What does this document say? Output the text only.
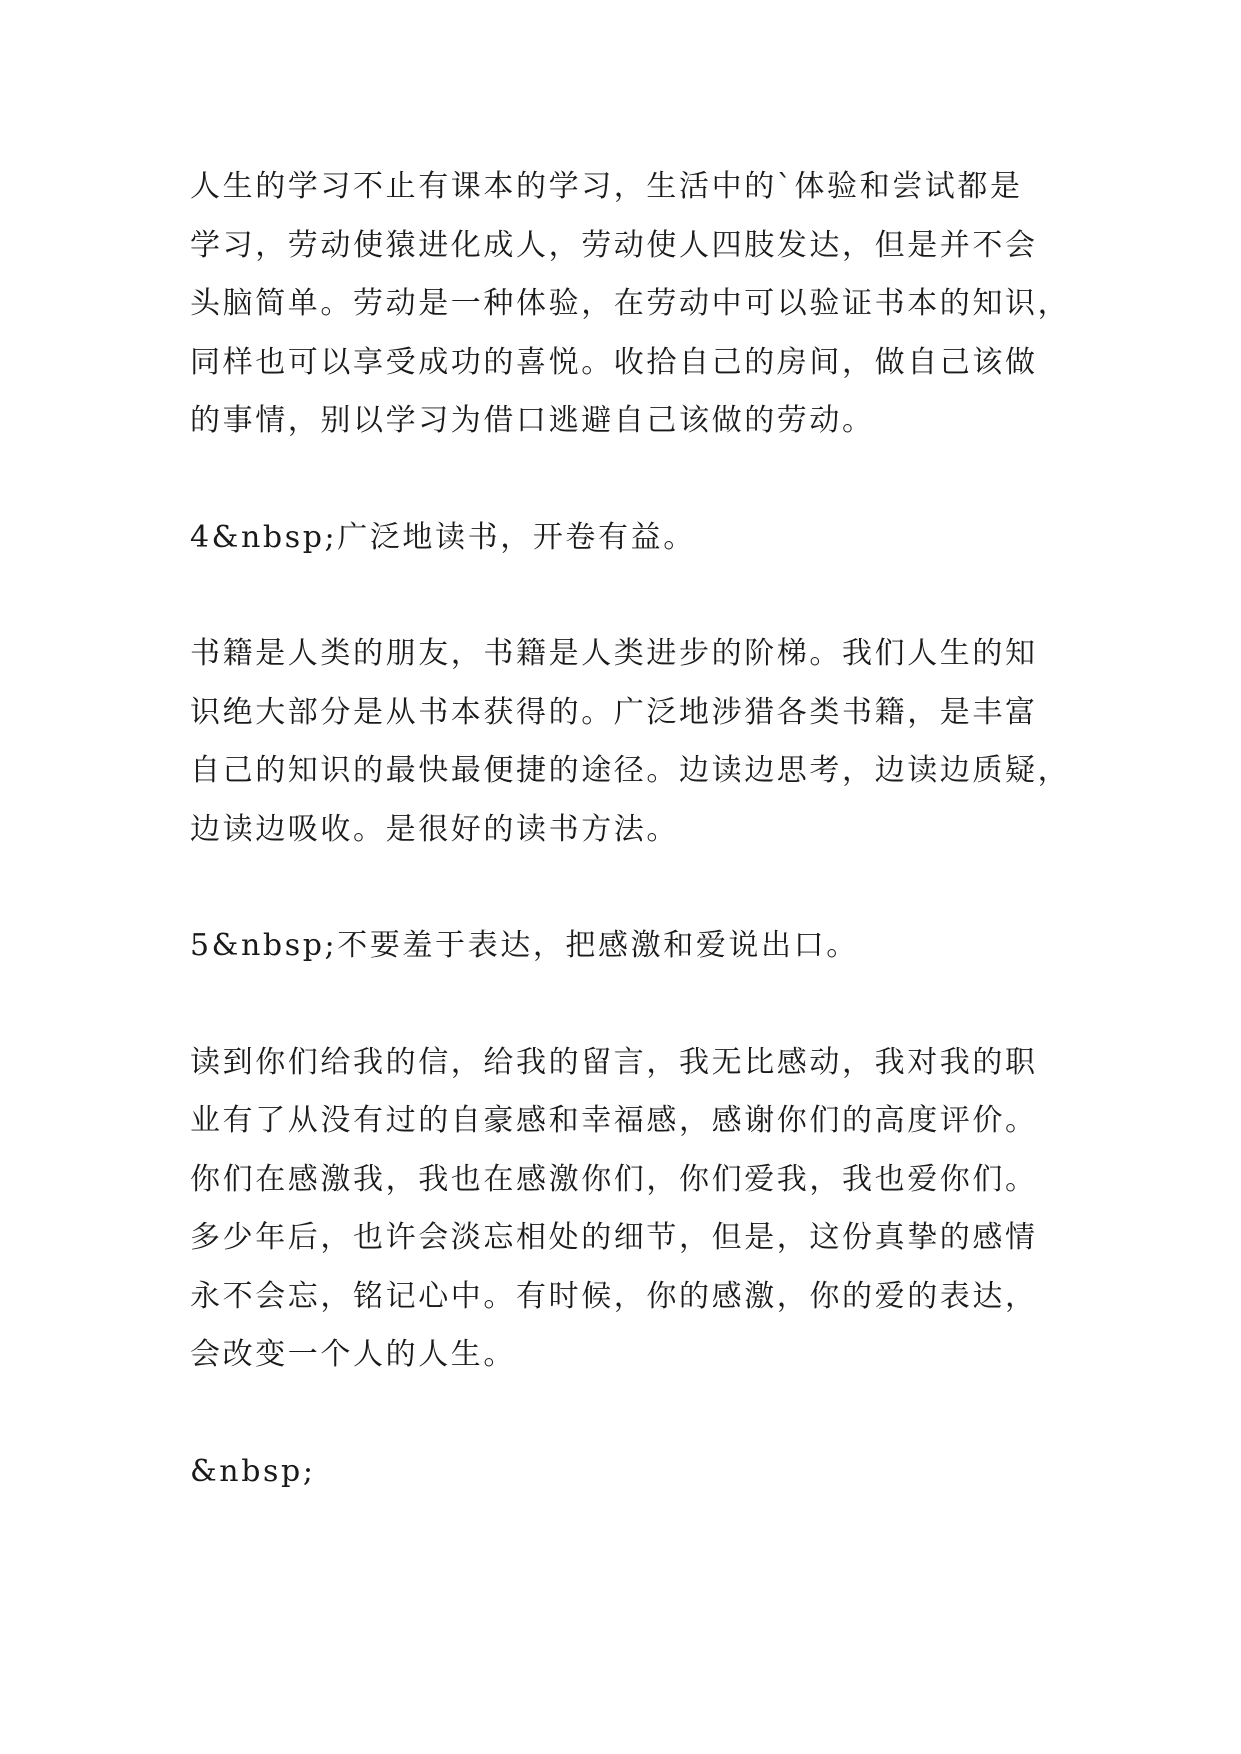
人生的学习不止有课本的学习，生活中的`体验和尝试都是
学习，劳动使猿进化成人，劳动使人四肢发达，但是并不会
头脑简单。劳动是一种体验，在劳动中可以验证书本的知识，
同样也可以享受成功的喜悦。收拾自己的房间，做自己该做
的事情，别以学习为借口逃避自己该做的劳动。

4&nbsp;广泛地读书，开卷有益。

书籍是人类的朋友，书籍是人类进步的阶梯。我们人生的知
识绝大部分是从书本获得的。广泛地涉猎各类书籍，是丰富
自己的知识的最快最便捷的途径。边读边思考，边读边质疑，
边读边吸收。是很好的读书方法。

5&nbsp;不要羞于表达，把感激和爱说出口。

读到你们给我的信，给我的留言，我无比感动，我对我的职
业有了从没有过的自豪感和幸福感，感谢你们的高度评价。
你们在感激我，我也在感激你们，你们爱我，我也爱你们。
多少年后，也许会淡忘相处的细节，但是，这份真挚的感情
永不会忘，铭记心中。有时候，你的感激，你的爱的表达，
会改变一个人的人生。

&nbsp;
